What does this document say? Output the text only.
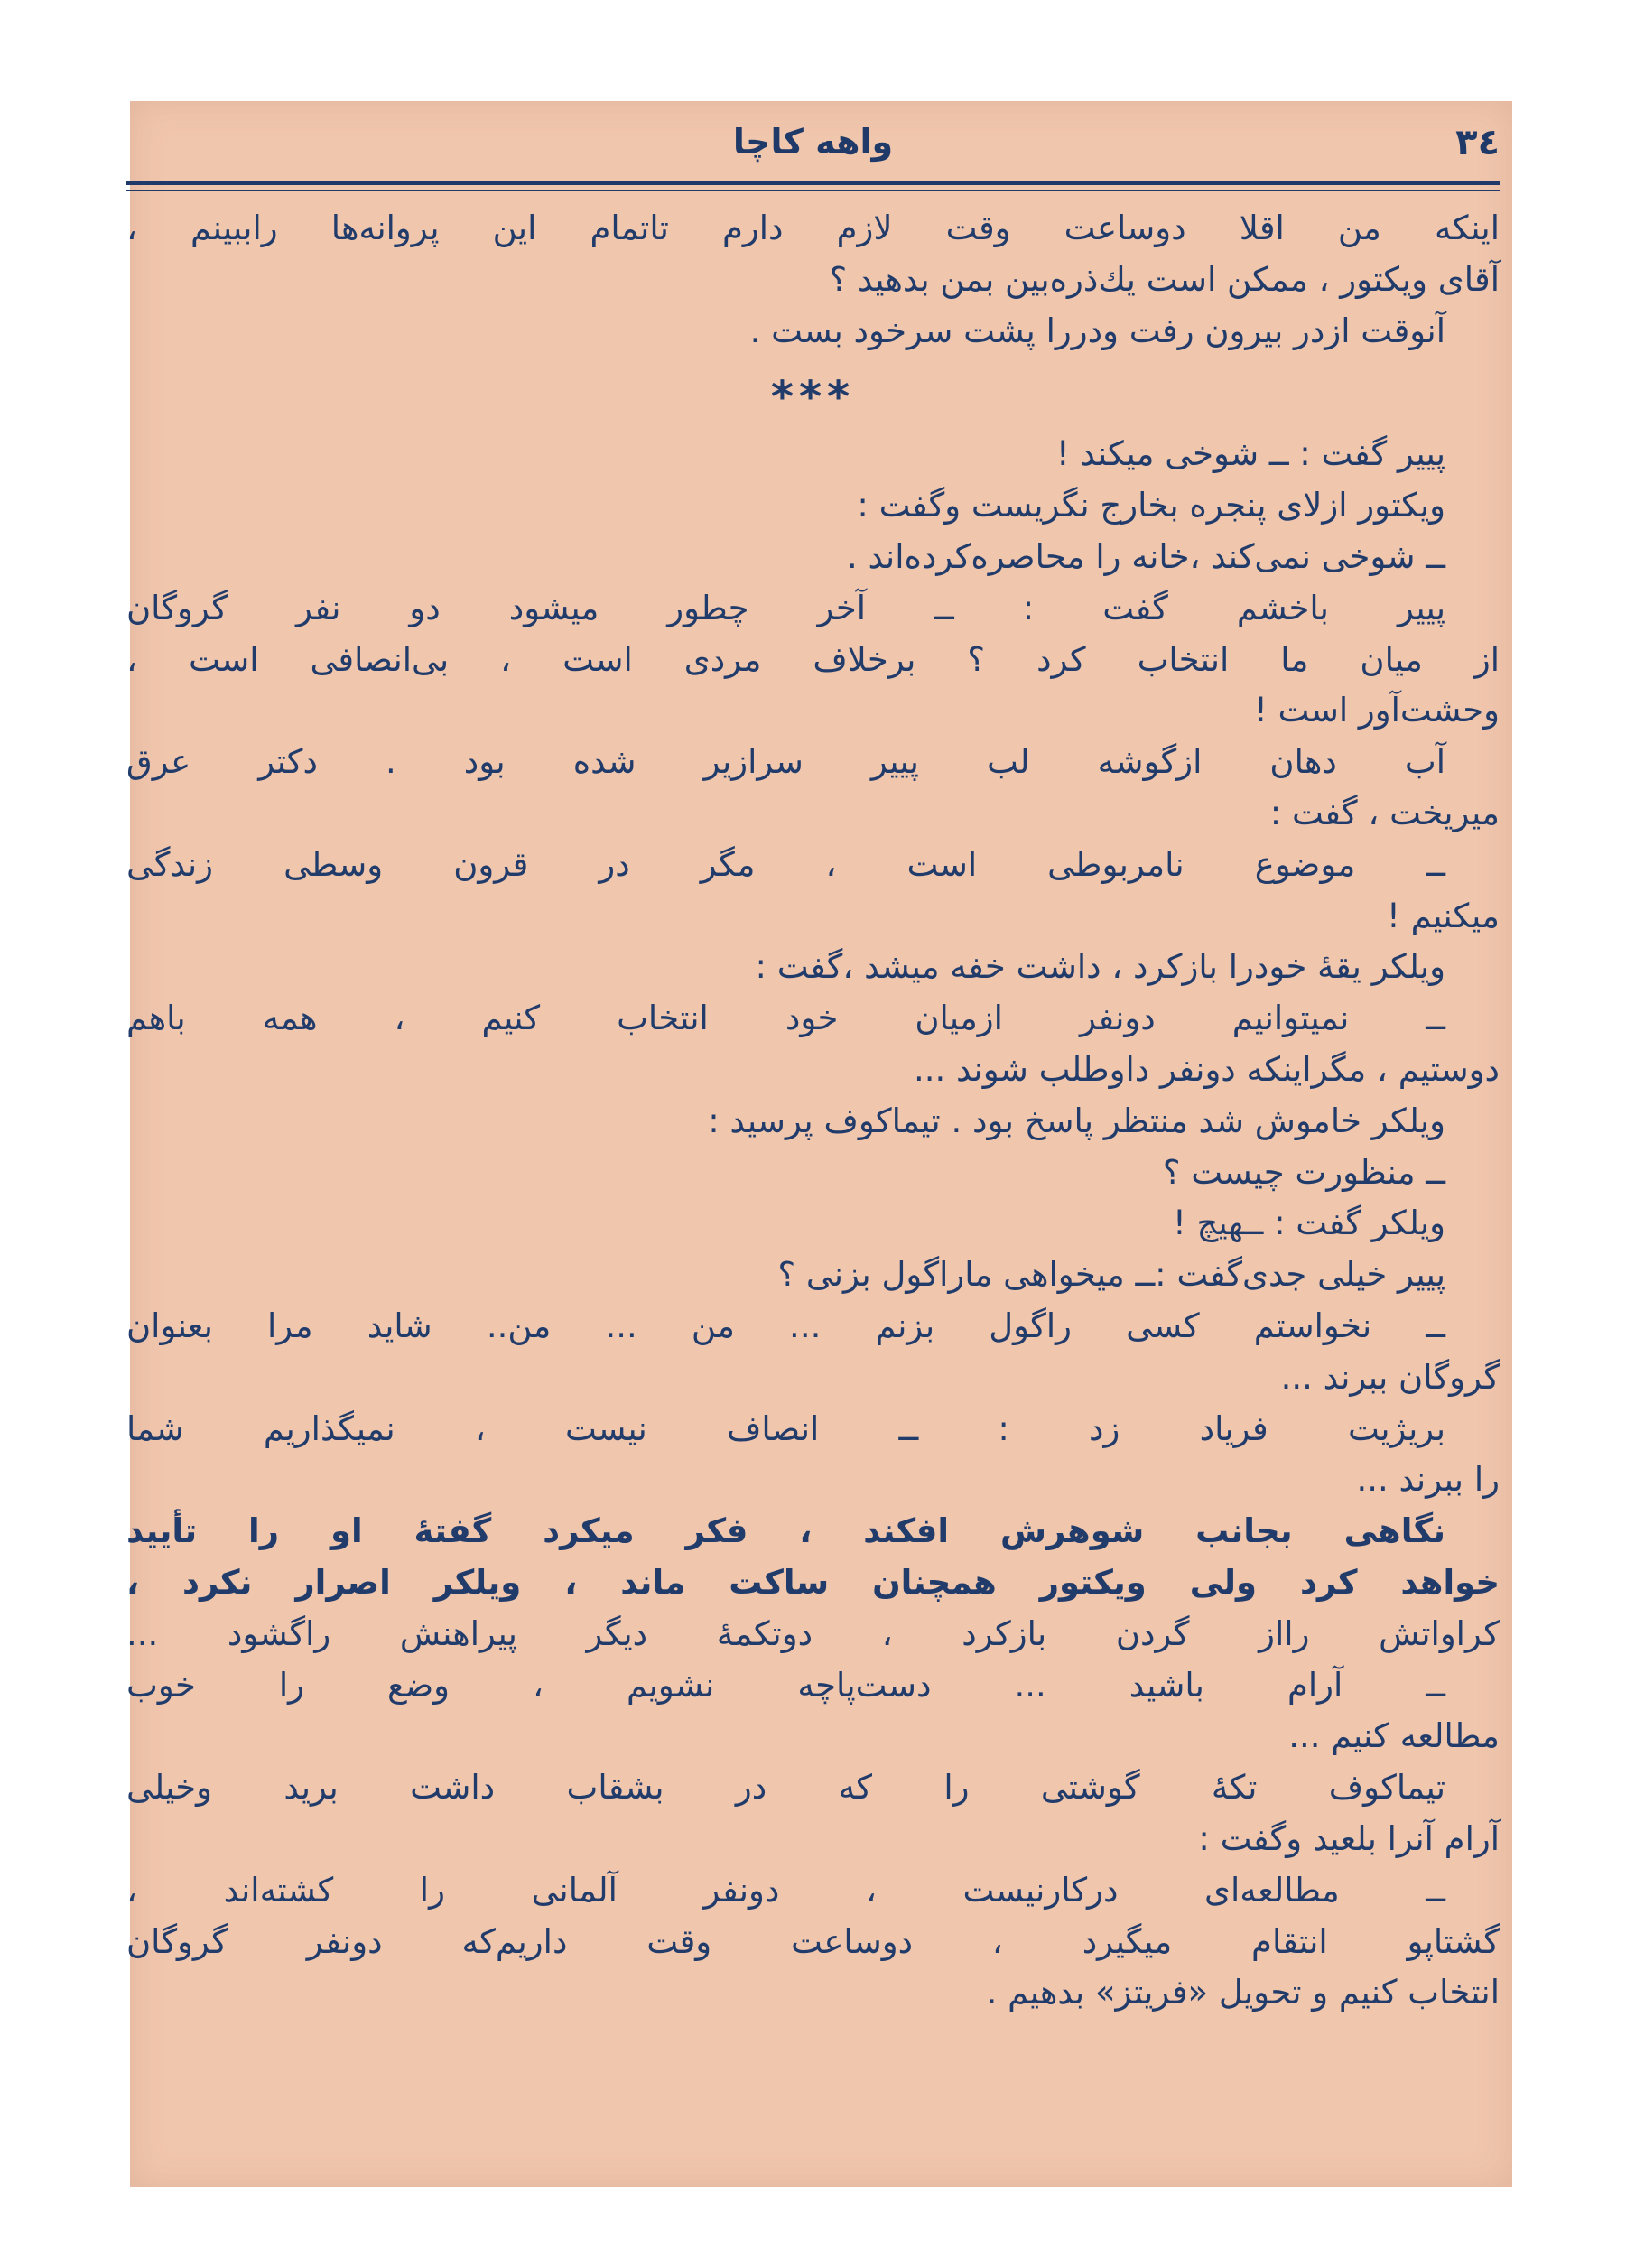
۳٤
واهه کاچا
اینکه من اقلا دوساعت وقت لازم دارم تاتمام این پروانه‌ها راببینم ،
آقای ویکتور ، ممکن است یك‌ذره‌بین بمن بدهید ؟
آنوقت ازدر بیرون رفت ودررا پشت سرخود بست .
***
پییر گفت : ــ شوخی میکند !
ویکتور ازلای پنجره بخارج نگریست وگفت :
ــ شوخی نمی‌کند ،خانه را محاصره‌کرده‌اند .
پییر باخشم گفت : ــ آخر چطور میشود دو نفر گروگان
از میان ما انتخاب کرد ؟ برخلاف مردی است ، بی‌انصافی است ،
وحشت‌آور است !
آب دهان ازگوشه لب پییر سرازیر شده بود . دکتر عرق
میریخت ، گفت :
ــ موضوع نامربوطی است ، مگر در قرون وسطی زندگی
میکنیم !
ویلکر یقهٔ خودرا بازکرد ، داشت خفه میشد ،گفت :
ــ نمیتوانیم دونفر ازمیان خود انتخاب کنیم ، همه باهم
دوستیم ، مگراینکه دونفر داوطلب شوند ...
ویلکر خاموش شد منتظر پاسخ بود . تیماکوف پرسید :
ــ منظورت چیست ؟
ویلکر گفت : ــهیچ !
پییر خیلی جدی‌گفت :ــ میخواهی ماراگول بزنی ؟
ــ نخواستم کسی راگول بزنم ... من ... من.. شاید مرا بعنوان
گروگان ببرند ...
بریژیت فریاد زد : ــ انصاف نیست ، نمیگذاریم شما
را ببرند ...
نگاهی بجانب شوهرش افکند ، فکر میکرد گفتهٔ او را تأیید
خواهد کرد ولی ویکتور همچنان ساکت ماند ، ویلکر اصرار نکرد ،
کراواتش رااز گردن بازکرد ، دوتکمهٔ دیگر پیراهنش راگشود ...
ــ آرام باشید ... دست‌پاچه نشویم ، وضع را خوب
مطالعه کنیم ...
تیماکوف تکهٔ گوشتی را که در بشقاب داشت برید وخیلی
آرام آنرا بلعید وگفت :
ــ مطالعه‌ای درکارنیست ، دونفر آلمانی را کشته‌اند ،
گشتاپو انتقام میگیرد ، دوساعت وقت داریم‌که دونفر گروگان
انتخاب کنیم و تحویل «فریتز» بدهیم .
